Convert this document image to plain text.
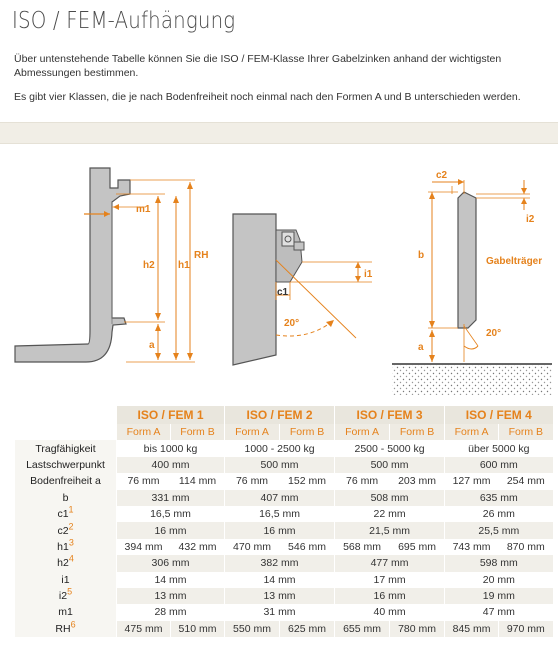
ISO / FEM-Aufhängung

Über untenstehende Tabelle können Sie die ISO / FEM-Klasse Ihrer Gabelzinken anhand der wichtigsten Abmessungen bestimmen.

Es gibt vier Klassen, die je nach Bodenfreiheit noch einmal nach den Formen A und B unterschieden werden.

m1
h2 h1
RH
a
i1
c1
20°
Gabelträger
c2
i2
b
a
20°
	ISO / FEM 1		ISO / FEM 2		ISO / FEM 3		ISO / FEM 4	
	Form A	Form B	Form A	Form B	Form A	Form B	Form A	Form B
Tragfähigkeit	bis 1000 kg		1000 - 2500 kg		2500 - 5000 kg		über 5000 kg	
Lastschwerpunkt	400 mm		500 mm		500 mm		600 mm	
Bodenfreiheit a	76 mm	114 mm	76 mm	152 mm	76 mm	203 mm	127 mm	254 mm
b	331 mm		407 mm		508 mm		635 mm	
$c1^1$	16,5 mm		16,5 mm		22 mm		26 mm	
$c2^2$	16 mm		16 mm		21,5 mm		25,5 mm	
$h1^3$	394 mm	432 mm	470 mm	546 mm	568 mm	695 mm	743 mm	870 mm
$h2^4$	306 mm		382 mm		477 mm		598 mm	
i1	14 mm		14 mm		17 mm		20 mm	
$i2^5$	13 mm		13 mm		16 mm		19 mm	
m1	28 mm		31 mm		40 mm		47 mm	
$RH^6$	475 mm	510 mm	550 mm	625 mm	655 mm	780 mm	845 mm	970 mm
